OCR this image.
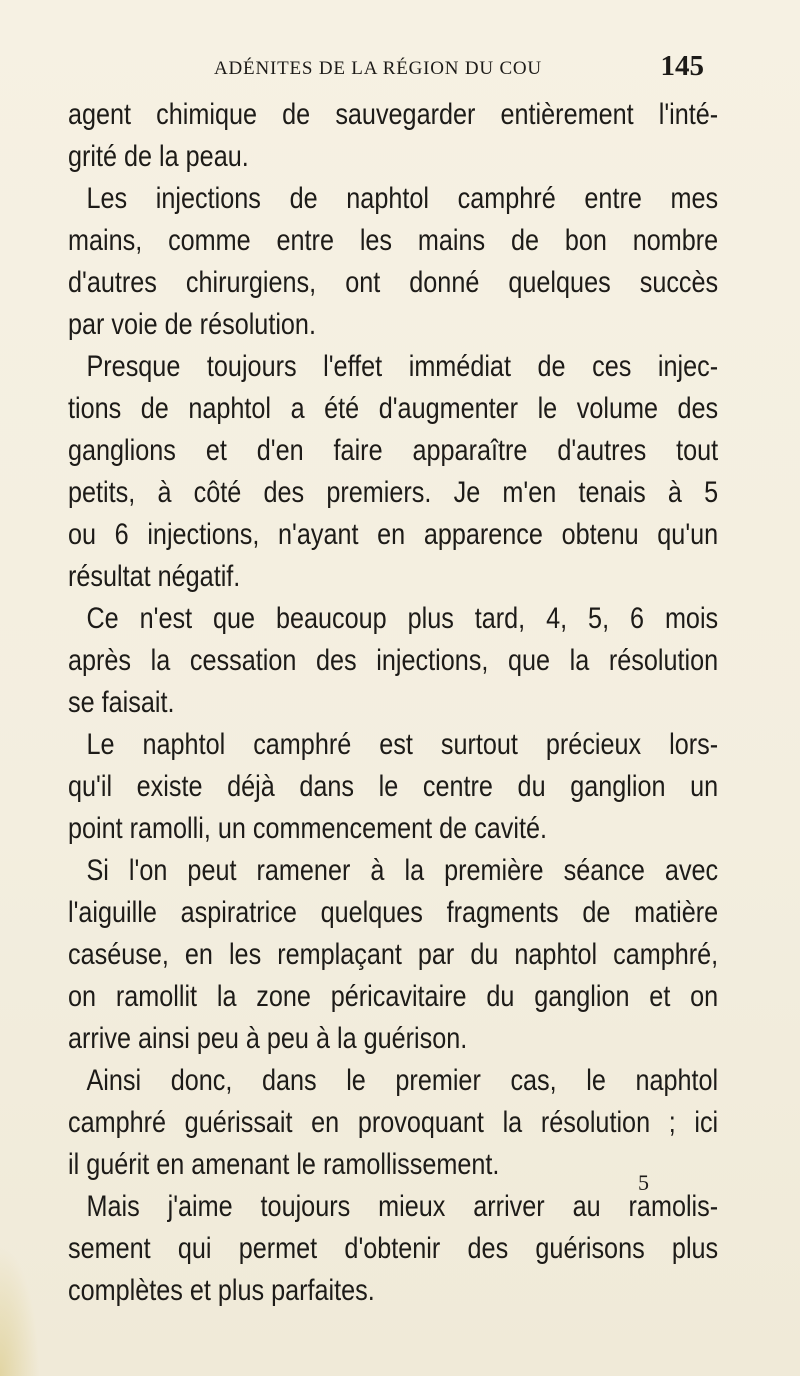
ADÉNITES DE LA RÉGION DU COU	145
agent chimique de sauvegarder entièrement l'inté-
grité de la peau.
Les injections de naphtol camphré entre mes
mains, comme entre les mains de bon nombre
d'autres chirurgiens, ont donné quelques succès
par voie de résolution.
Presque toujours l'effet immédiat de ces injec-
tions de naphtol a été d'augmenter le volume des
ganglions et d'en faire apparaître d'autres tout
petits, à côté des premiers. Je m'en tenais à 5
ou 6 injections, n'ayant en apparence obtenu qu'un
résultat négatif.
Ce n'est que beaucoup plus tard, 4, 5, 6 mois
après la cessation des injections, que la résolution
se faisait.
Le naphtol camphré est surtout précieux lors-
qu'il existe déjà dans le centre du ganglion un
point ramolli, un commencement de cavité.
Si l'on peut ramener à la première séance avec
l'aiguille aspiratrice quelques fragments de matière
caséuse, en les remplaçant par du naphtol camphré,
on ramollit la zone péricavitaire du ganglion et on
arrive ainsi peu à peu à la guérison.
Ainsi donc, dans le premier cas, le naphtol
camphré guérissait en provoquant la résolution ; ici
il guérit en amenant le ramollissement.
Mais j'aime toujours mieux arriver au ramolis-
sement qui permet d'obtenir des guérisons plus
complètes et plus parfaites.
5
